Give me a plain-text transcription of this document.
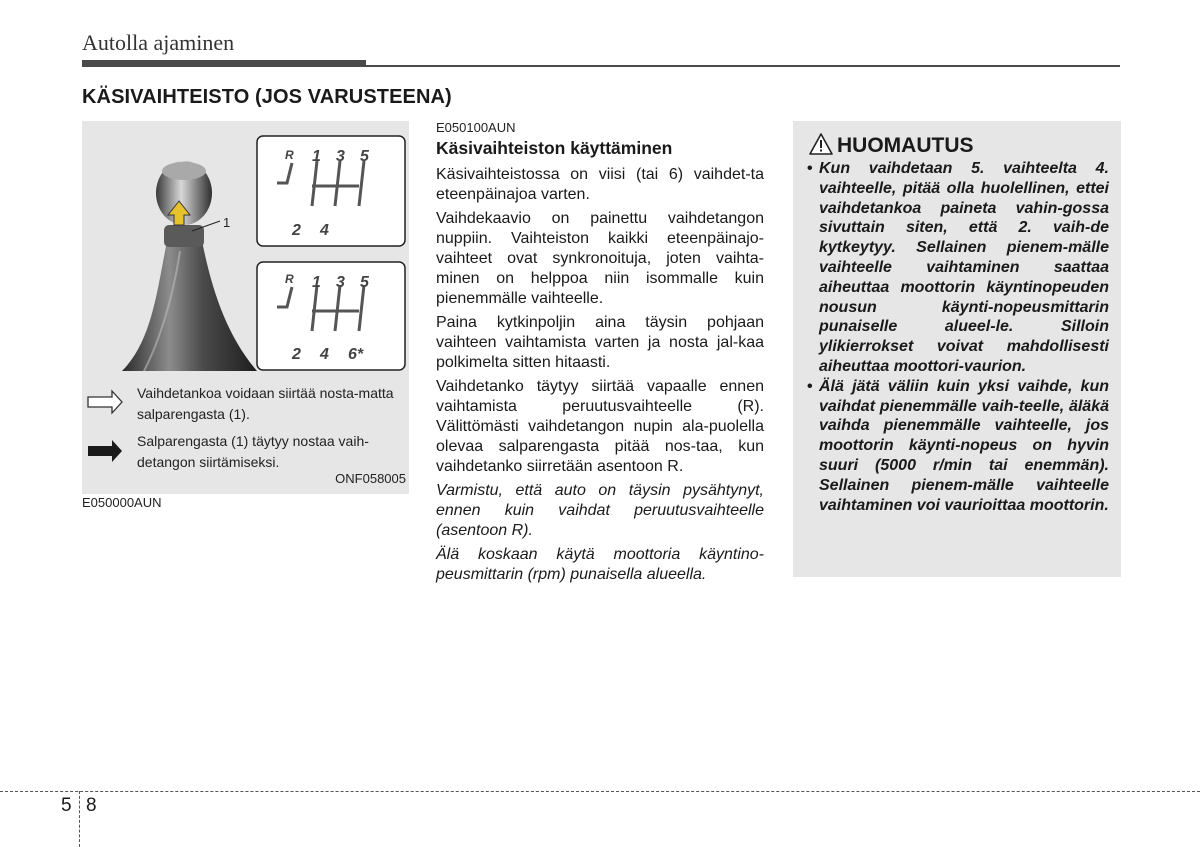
Autolla ajaminen
KÄSIVAIHTEISTO (JOS VARUSTEENA)
1
R 1 3 5
2 4
R 1 3 5
2 4 6*
Vaihdetankoa voidaan siirtää nosta-matta salparengasta (1).
Salparengasta (1) täytyy nostaa vaih-detangon siirtämiseksi.
ONF058005
E050000AUN
E050100AUN
Käsivaihteiston käyttäminen

Käsivaihteistossa on viisi (tai 6) vaihdet-ta eteenpäinajoa varten.

Vaihdekaavio on painettu vaihdetangon nuppiin. Vaihteiston kaikki eteenpäinajo-vaihteet ovat synkronoituja, joten vaihta-minen on helppoa niin isommalle kuin pienemmälle vaihteelle.

Paina kytkinpoljin aina täysin pohjaan vaihteen vaihtamista varten ja nosta jal-kaa polkimelta sitten hitaasti.

Vaihdetanko täytyy siirtää vapaalle ennen vaihtamista peruutusvaihteelle (R). Välittömästi vaihdetangon nupin ala-puolella olevaa salparengasta pitää nos-taa, kun vaihdetanko siirretään asentoon R.

Varmistu, että auto on täysin pysähtynyt, ennen kuin vaihdat peruutusvaihteelle (asentoon R).

Älä koskaan käytä moottoria käyntino-peusmittarin (rpm) punaisella alueella.

HUOMAUTUS
• Kun vaihdetaan 5. vaihteelta 4. vaihteelle, pitää olla huolellinen, ettei vaihdetankoa paineta vahin-gossa sivuttain siten, että 2. vaih-de kytkeytyy. Sellainen pienem-mälle vaihteelle vaihtaminen saattaa aiheuttaa moottorin käyntinopeuden nousun käynti-nopeusmittarin punaiselle alueel-le. Silloin ylikierrokset voivat mahdollisesti aiheuttaa moottori-vaurion.
• Älä jätä väliin kuin yksi vaihde, kun vaihdat pienemmälle vaih-teelle, äläkä vaihda pienemmälle vaihteelle, jos moottorin käynti-nopeus on hyvin suuri (5000 r/min tai enemmän). Sellainen pienem-mälle vaihteelle vaihtaminen voi vaurioittaa moottorin.
5 8
